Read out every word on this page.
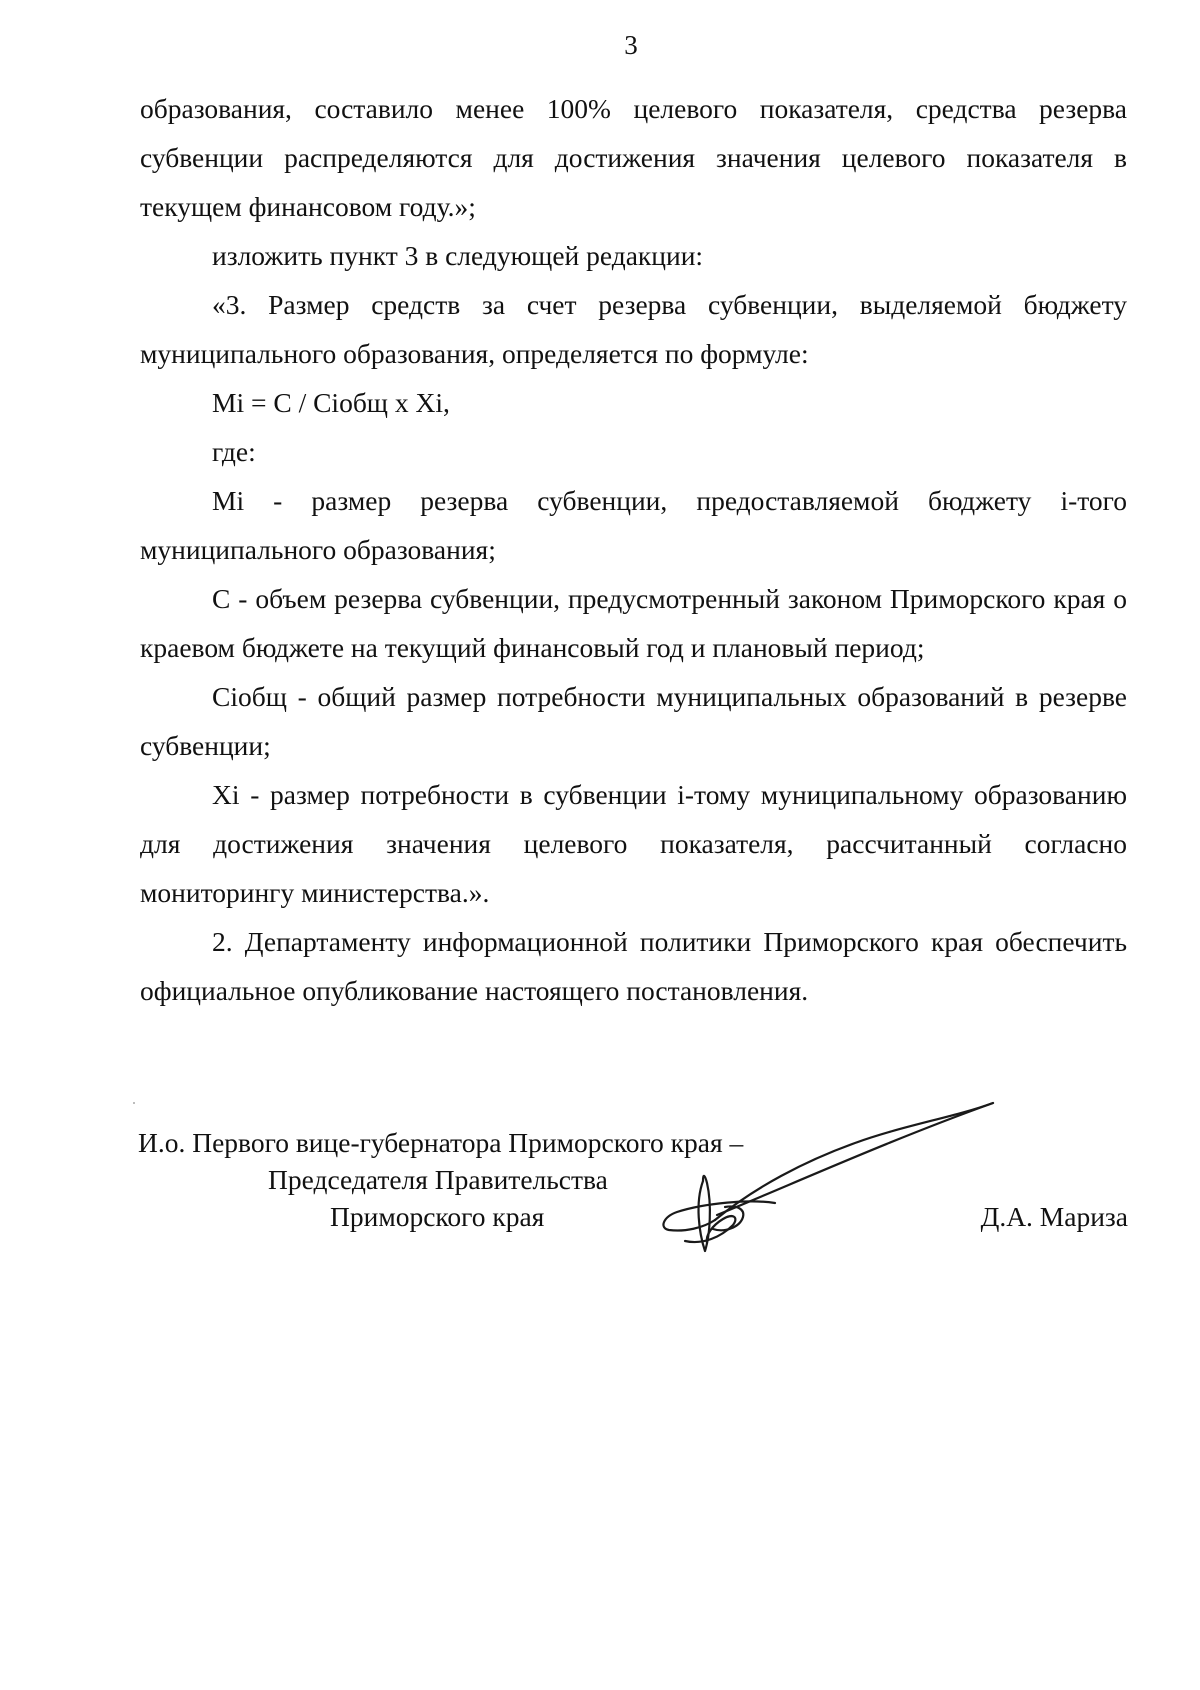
3

образования, составило менее 100% целевого показателя, средства резерва субвенции распределяются для достижения значения целевого показателя в текущем финансовом году.»;

изложить пункт 3 в следующей редакции:

«3. Размер средств за счет резерва субвенции, выделяемой бюджету муниципального образования, определяется по формуле:

Mi = C / Ciобщ x Xi,

где:

Mi - размер резерва субвенции, предоставляемой бюджету i-того муниципального образования;

C - объем резерва субвенции, предусмотренный законом Приморского края о краевом бюджете на текущий финансовый год и плановый период;

Ciобщ - общий размер потребности муниципальных образований в резерве субвенции;

Xi - размер потребности в субвенции i-тому муниципальному образованию для достижения значения целевого показателя, рассчитанный согласно мониторингу министерства.».

2. Департаменту информационной политики Приморского края обеспечить официальное опубликование настоящего постановления.

И.о. Первого вице-губернатора Приморского края –
Председателя Правительства
Приморского края	Д.А. Мариза
